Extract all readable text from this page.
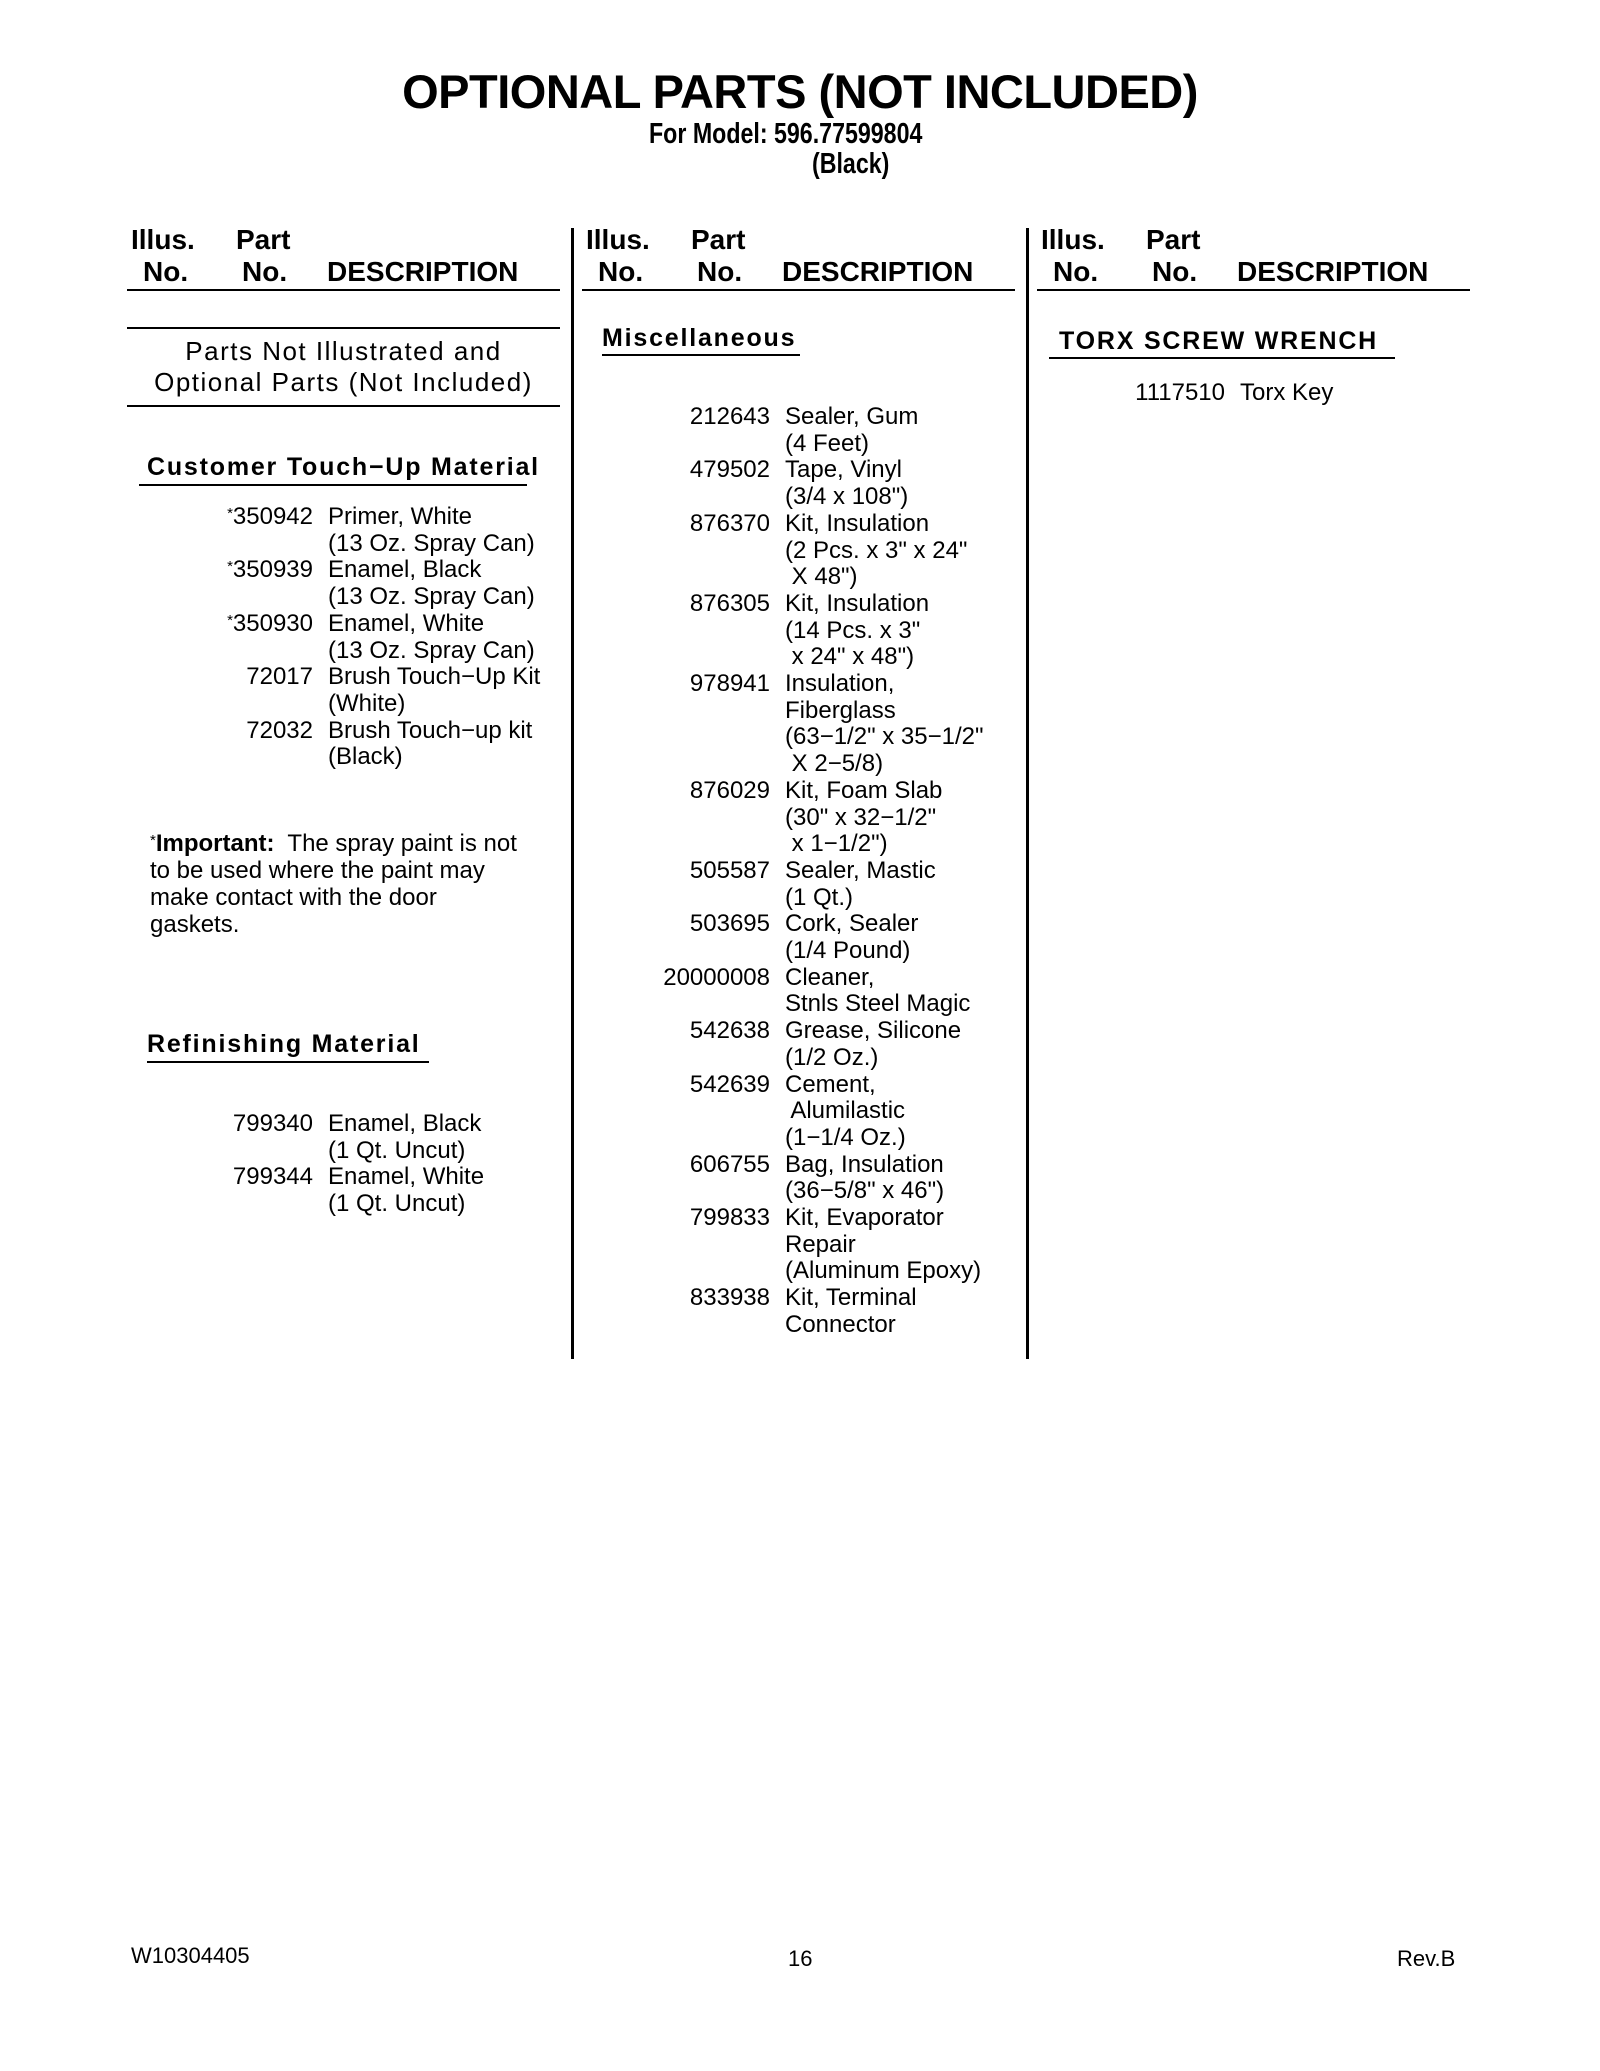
OPTIONAL PARTS (NOT INCLUDED)
For Model: 596.77599804
(Black)
Illus. Part
No. No. DESCRIPTION
Illus. Part
No. No. DESCRIPTION
Illus. Part
No. No. DESCRIPTION
Parts Not Illustrated and
Optional Parts (Not Included)
Customer Touch−Up Material
*350942 Primer, White
(13 Oz. Spray Can)
*350939 Enamel, Black
(13 Oz. Spray Can)
*350930 Enamel, White
(13 Oz. Spray Can)
72017 Brush Touch−Up Kit
(White)
72032 Brush Touch−up kit
(Black)
*Important: The spray paint is not to be used where the paint may make contact with the door gaskets.
Refinishing Material
799340 Enamel, Black
(1 Qt. Uncut)
799344 Enamel, White
(1 Qt. Uncut)
Miscellaneous
212643 Sealer, Gum
(4 Feet)
479502 Tape, Vinyl
(3/4 x 108")
876370 Kit, Insulation
(2 Pcs. x 3" x 24"
X 48")
876305 Kit, Insulation
(14 Pcs. x 3"
x 24" x 48")
978941 Insulation,
Fiberglass
(63−1/2" x 35−1/2"
X 2−5/8)
876029 Kit, Foam Slab
(30" x 32−1/2"
x 1−1/2")
505587 Sealer, Mastic
(1 Qt.)
503695 Cork, Sealer
(1/4 Pound)
20000008 Cleaner,
Stnls Steel Magic
542638 Grease, Silicone
(1/2 Oz.)
542639 Cement,
Alumilastic
(1−1/4 Oz.)
606755 Bag, Insulation
(36−5/8" x 46")
799833 Kit, Evaporator
Repair
(Aluminum Epoxy)
833938 Kit, Terminal
Connector
TORX SCREW WRENCH
1117510 Torx Key
W10304405	16	Rev.B
